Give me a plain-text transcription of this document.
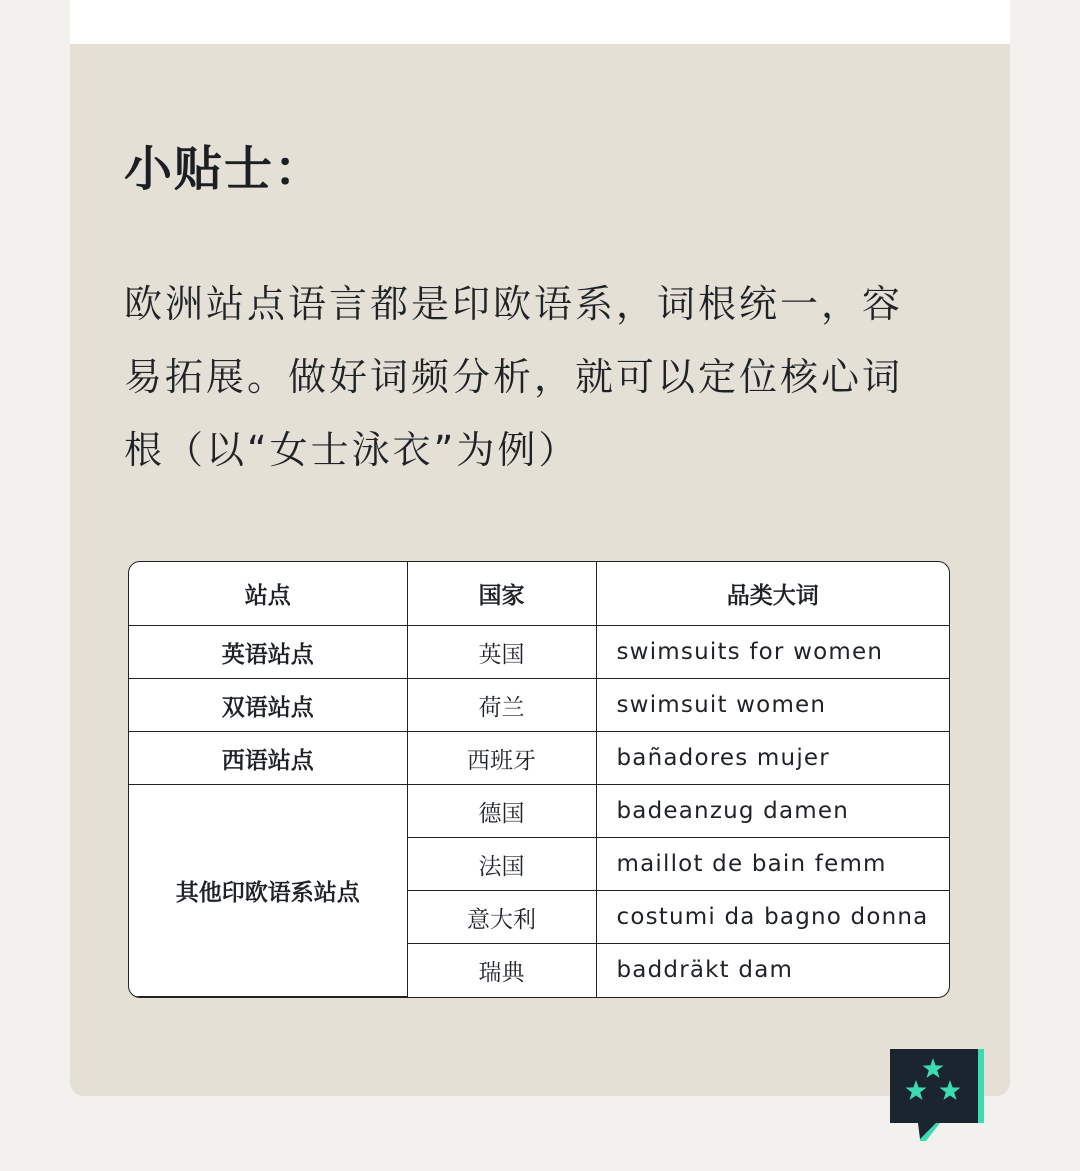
小贴士：

欧洲站点语言都是印欧语系，词根统一，容
易拓展。做好词频分析，就可以定位核心词
根（以“女士泳衣”为例）

站点	国家	品类大词
英语站点	英国	swimsuits for women
双语站点	荷兰	swimsuit women
西语站点	西班牙	bañadores mujer
其他印欧语系站点	德国	badeanzug damen
	法国	maillot de bain femm
	意大利	costumi da bagno donna
	瑞典	baddräkt dam
